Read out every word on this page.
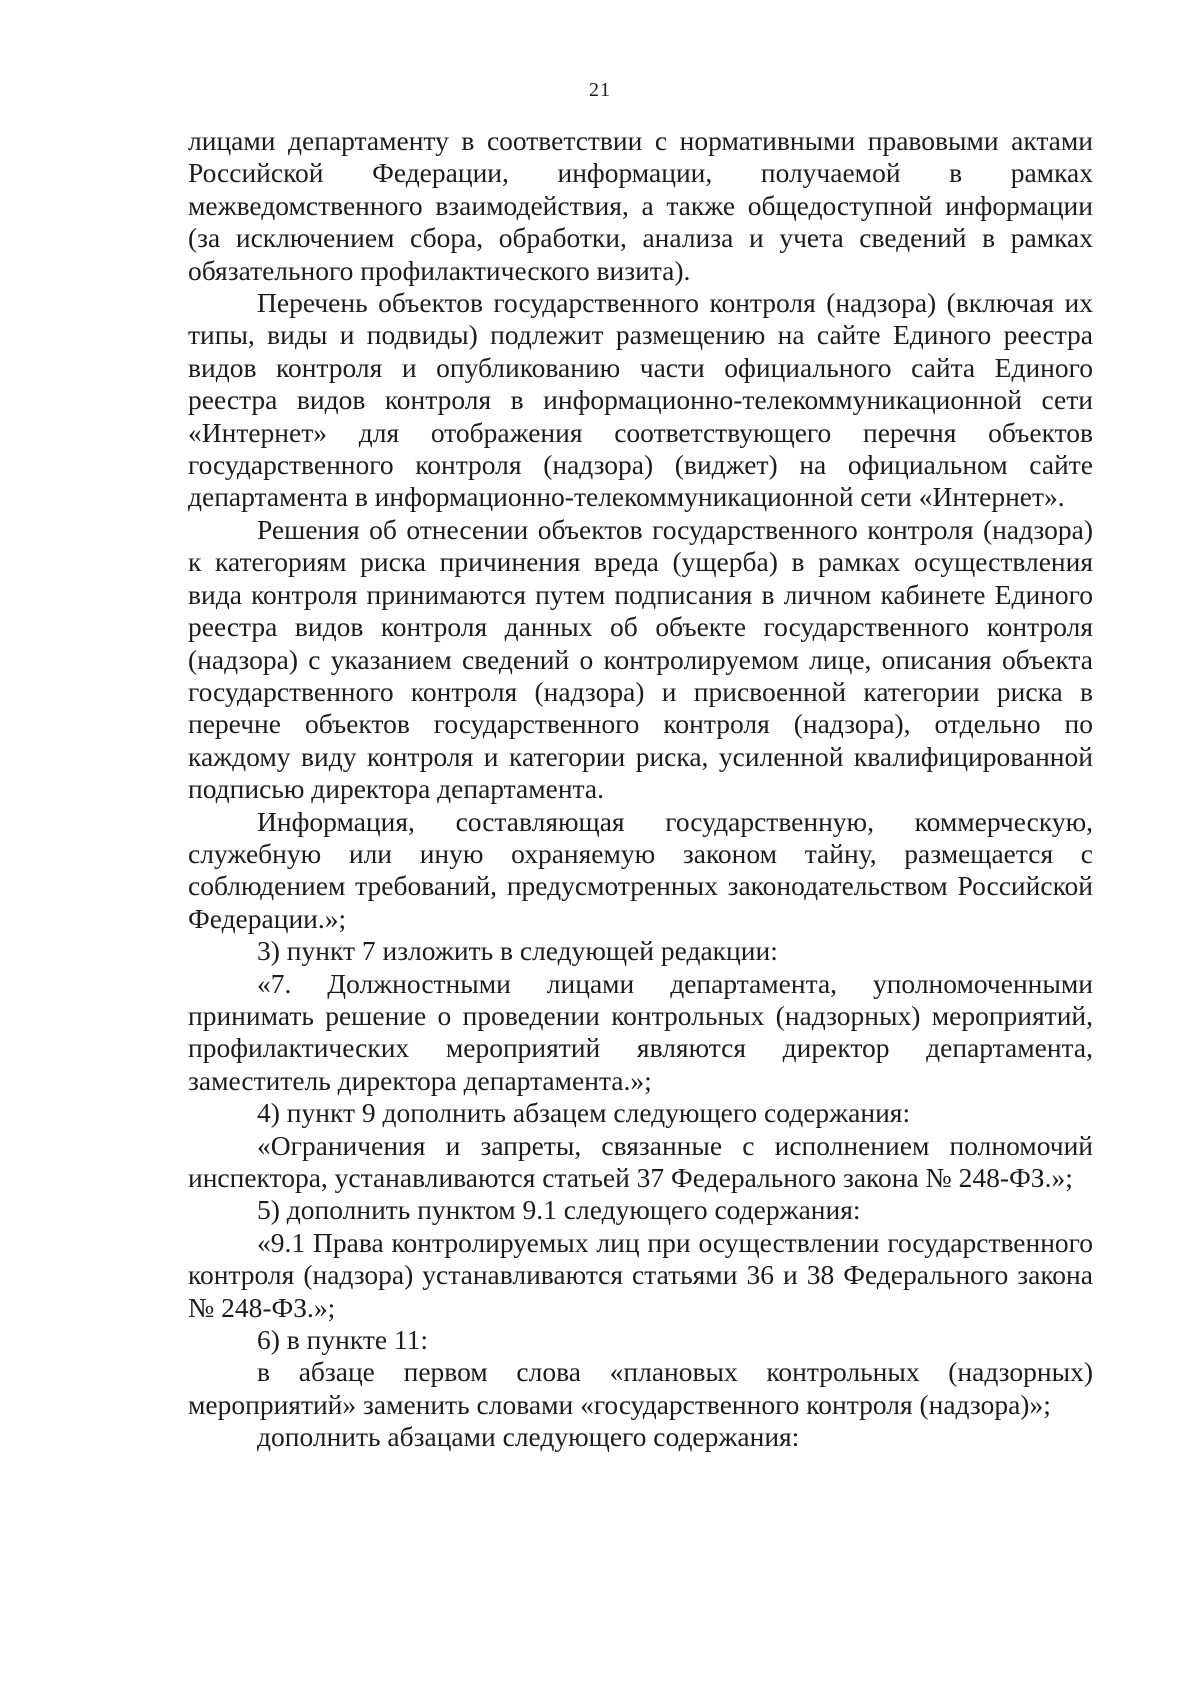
21

лицами департаменту в соответствии с нормативными правовыми актами Российской Федерации, информации, получаемой в рамках межведомственного взаимодействия, а также общедоступной информации (за исключением сбора, обработки, анализа и учета сведений в рамках обязательного профилактического визита).

Перечень объектов государственного контроля (надзора) (включая их типы, виды и подвиды) подлежит размещению на сайте Единого реестра видов контроля и опубликованию части официального сайта Единого реестра видов контроля в информационно-телекоммуникационной сети «Интернет» для отображения соответствующего перечня объектов государственного контроля (надзора) (виджет) на официальном сайте департамента в информационно-телекоммуникационной сети «Интернет».

Решения об отнесении объектов государственного контроля (надзора) к категориям риска причинения вреда (ущерба) в рамках осуществления вида контроля принимаются путем подписания в личном кабинете Единого реестра видов контроля данных об объекте государственного контроля (надзора) с указанием сведений о контролируемом лице, описания объекта государственного контроля (надзора) и присвоенной категории риска в перечне объектов государственного контроля (надзора), отдельно по каждому виду контроля и категории риска, усиленной квалифицированной подписью директора департамента.

Информация, составляющая государственную, коммерческую, служебную или иную охраняемую законом тайну, размещается с соблюдением требований, предусмотренных законодательством Российской Федерации.»;

3) пункт 7 изложить в следующей редакции:

«7. Должностными лицами департамента, уполномоченными принимать решение о проведении контрольных (надзорных) мероприятий, профилактических мероприятий являются директор департамента, заместитель директора департамента.»;

4) пункт 9 дополнить абзацем следующего содержания:

«Ограничения и запреты, связанные с исполнением полномочий инспектора, устанавливаются статьей 37 Федерального закона № 248-ФЗ.»;

5) дополнить пунктом 9.1 следующего содержания:

«9.1 Права контролируемых лиц при осуществлении государственного контроля (надзора) устанавливаются статьями 36 и 38 Федерального закона № 248-ФЗ.»;

6) в пункте 11:

в абзаце первом слова «плановых контрольных (надзорных) мероприятий» заменить словами «государственного контроля (надзора)»;

дополнить абзацами следующего содержания:
